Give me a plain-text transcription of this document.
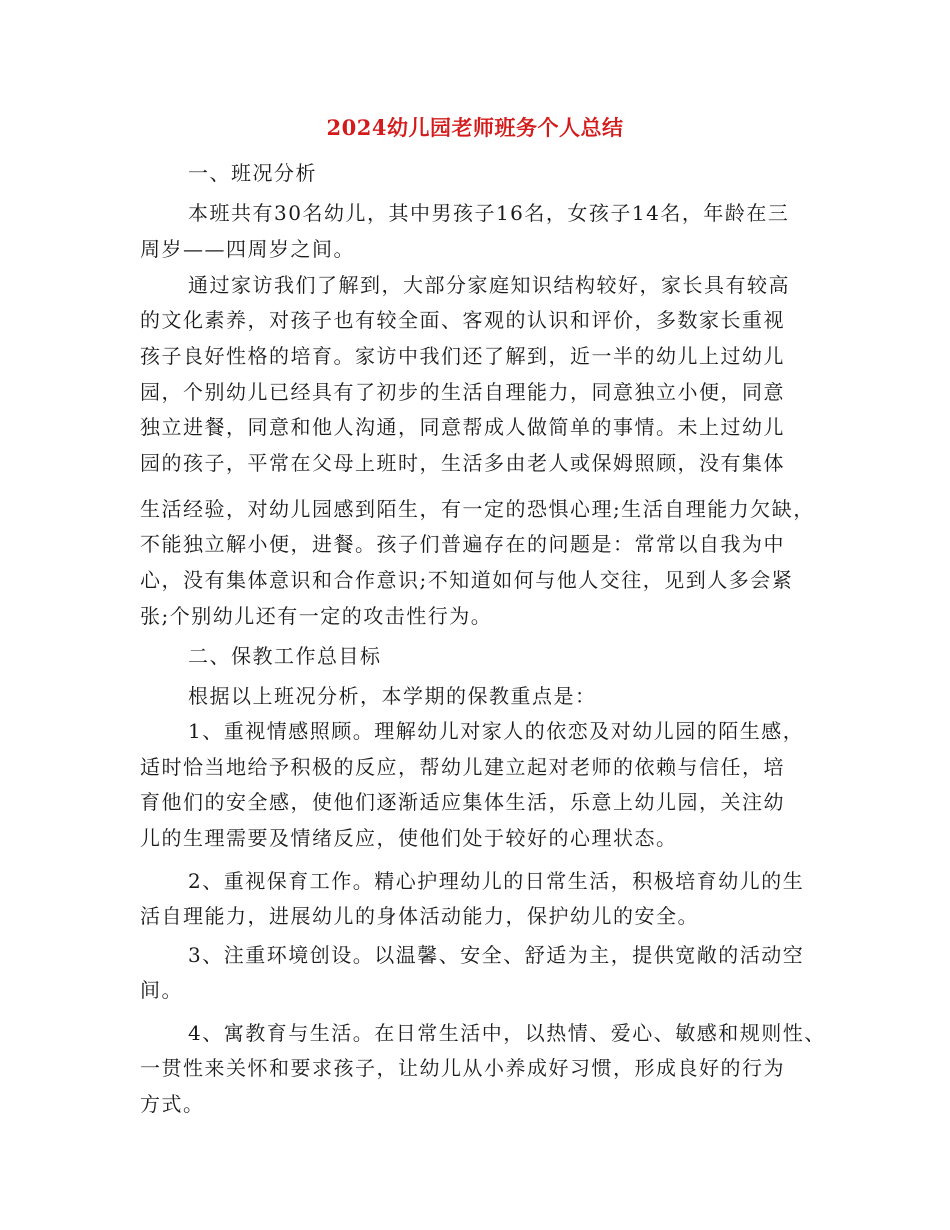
2024幼儿园老师班务个人总结
一、班况分析
本班共有30名幼儿，其中男孩子16名，女孩子14名，年龄在三
周岁——四周岁之间。
通过家访我们了解到，大部分家庭知识结构较好，家长具有较高
的文化素养，对孩子也有较全面、客观的认识和评价，多数家长重视
孩子良好性格的培育。家访中我们还了解到，近一半的幼儿上过幼儿
园，个别幼儿已经具有了初步的生活自理能力，同意独立小便，同意
独立进餐，同意和他人沟通，同意帮成人做简单的事情。未上过幼儿
园的孩子，平常在父母上班时，生活多由老人或保姆照顾，没有集体
生活经验，对幼儿园感到陌生，有一定的恐惧心理;生活自理能力欠缺，
不能独立解小便，进餐。孩子们普遍存在的问题是：常常以自我为中
心，没有集体意识和合作意识;不知道如何与他人交往，见到人多会紧
张;个别幼儿还有一定的攻击性行为。
二、保教工作总目标
根据以上班况分析，本学期的保教重点是：
1、重视情感照顾。理解幼儿对家人的依恋及对幼儿园的陌生感，
适时恰当地给予积极的反应，帮幼儿建立起对老师的依赖与信任，培
育他们的安全感，使他们逐渐适应集体生活，乐意上幼儿园，关注幼
儿的生理需要及情绪反应，使他们处于较好的心理状态。
2、重视保育工作。精心护理幼儿的日常生活，积极培育幼儿的生
活自理能力，进展幼儿的身体活动能力，保护幼儿的安全。
3、注重环境创设。以温馨、安全、舒适为主，提供宽敞的活动空
间。
4、寓教育与生活。在日常生活中，以热情、爱心、敏感和规则性、
一贯性来关怀和要求孩子，让幼儿从小养成好习惯，形成良好的行为
方式。
